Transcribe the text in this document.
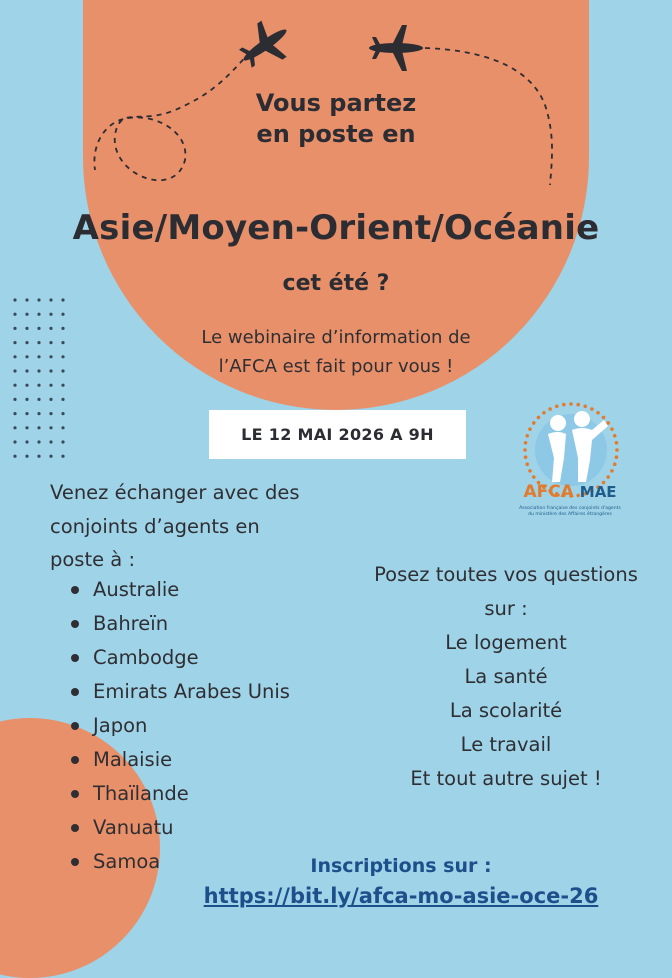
Vous partez
en poste en
Asie/Moyen-Orient/Océanie
cet été ?
Le webinaire d’information de
l’AFCA est fait pour vous !
LE 12 MAI 2026 A 9H
AFCA MAE
Association française des conjoints d'agents
du ministère des Affaires étrangères
Venez échanger avec des
conjoints d’agents en
poste à :
Australie
Bahreïn
Cambodge
Emirats Arabes Unis
Japon
Malaisie
Thaïlande
Vanuatu
Samoa
Posez toutes vos questions
sur :
Le logement
La santé
La scolarité
Le travail
Et tout autre sujet !
Inscriptions sur :
https://bit.ly/afca-mo-asie-oce-26
